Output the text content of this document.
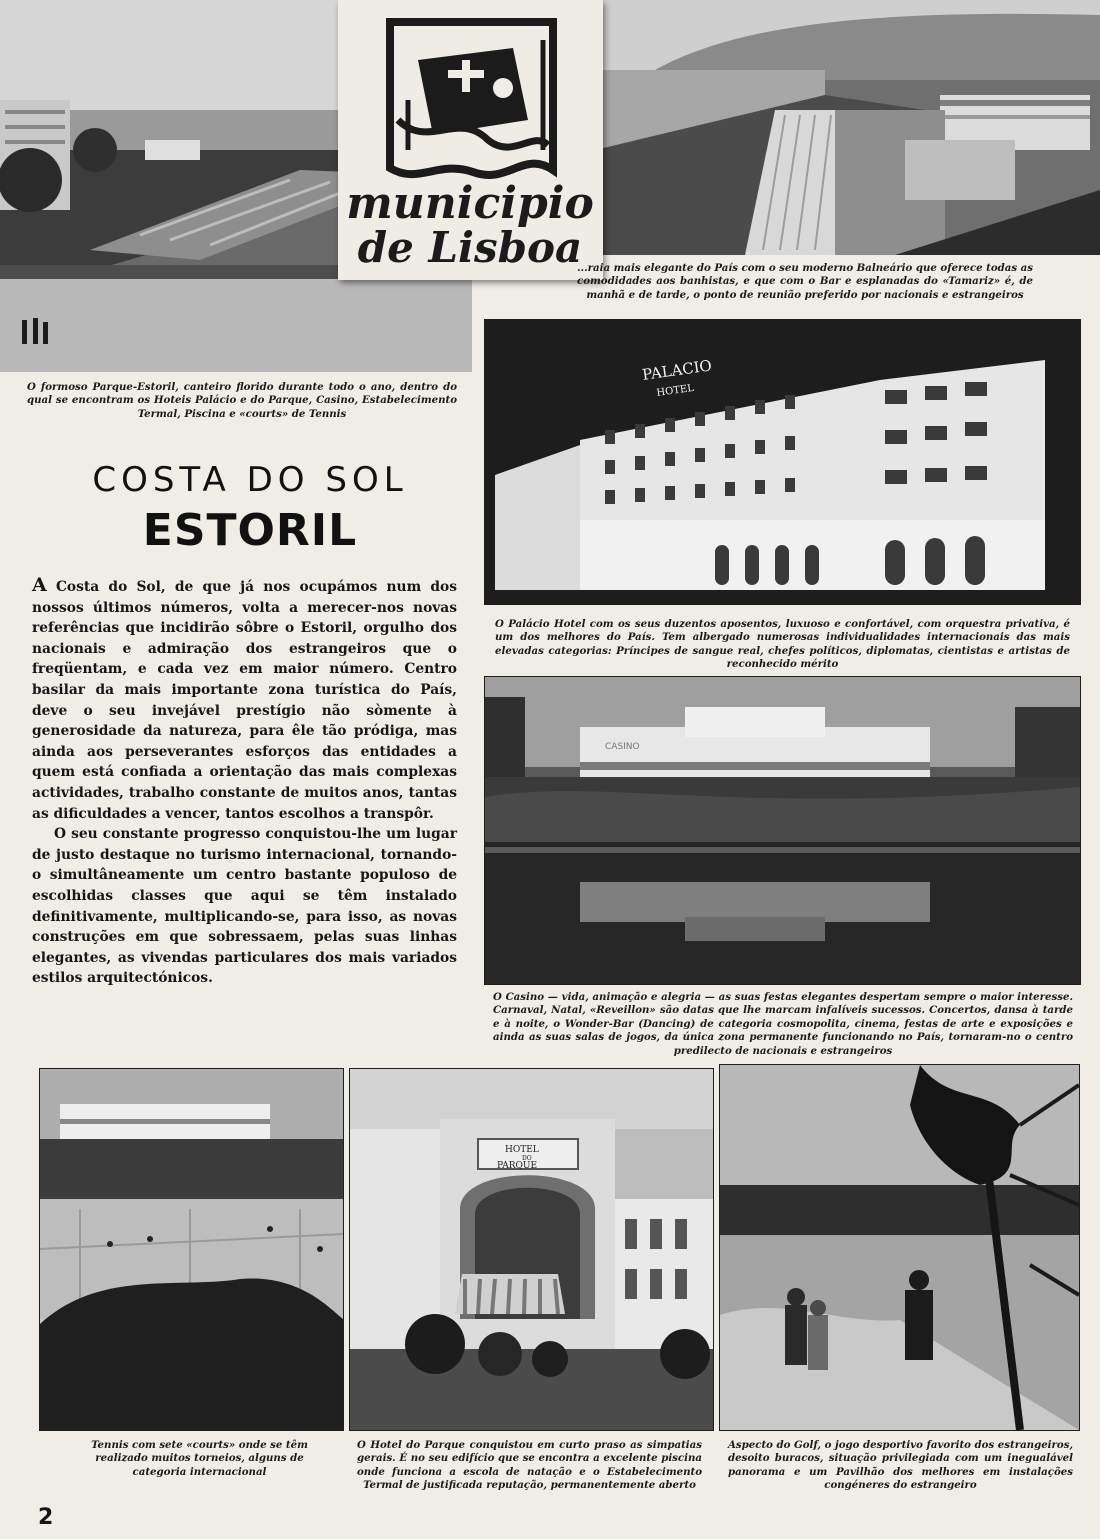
municipio
de Lisboa

...raia mais elegante do País com o seu moderno Balneário que oferece todas as comodidades aos banhistas, e que com o Bar e esplanadas do «Tamariz» é, de manhã e de tarde, o ponto de reunião preferido por nacionais e estrangeiros

O formoso Parque-Estoril, canteiro florido durante todo o ano, dentro do qual se encontram os Hoteis Palácio e do Parque, Casino, Estabelecimento Termal, Piscina e «courts» de Tennis

PALACIO
HOTEL

O Palácio Hotel com os seus duzentos aposentos, luxuoso e confortável, com orquestra privativa, é um dos melhores do País. Tem albergado numerosas individualidades internacionais das mais elevadas categorias: Príncipes de sangue real, chefes políticos, diplomatas, cientistas e artistas de reconhecido mérito

CASINO

O Casino — vida, animação e alegria — as suas festas elegantes despertam sempre o maior interesse. Carnaval, Natal, «Reveillon» são datas que lhe marcam infalíveis sucessos. Concertos, dansa à tarde e à noite, o Wonder-Bar (Dancing) de categoria cosmopolita, cinema, festas de arte e exposições e ainda as suas salas de jogos, da única zona permanente funcionando no País, tornaram-no o centro predilecto de nacionais e estrangeiros

COSTA DO SOL
ESTORIL

A Costa do Sol, de que já nos ocupámos num dos nossos últimos números, volta a merecer-nos novas referências que incidirão sôbre o Estoril, orgulho dos nacionais e admiração dos estrangeiros que o freqüentam, e cada vez em maior número. Centro basilar da mais importante zona turística do País, deve o seu invejável prestígio não sòmente à generosidade da natureza, para êle tão pródiga, mas ainda aos perseverantes esforços das entidades a quem está confiada a orientação das mais complexas actividades, trabalho constante de muitos anos, tantas as dificuldades a vencer, tantos escolhos a transpôr.

O seu constante progresso conquistou-lhe um lugar de justo destaque no turismo internacional, tornando-o simultâneamente um centro bastante populoso de escolhidas classes que aqui se têm instalado definitivamente, multiplicando-se, para isso, as novas construções em que sobressaem, pelas suas linhas elegantes, as vivendas particulares dos mais variados estilos arquitectónicos.

Tennis com sete «courts» onde se têm realizado muitos torneios, alguns de categoria internacional

HOTEL
DO
PARQUE

O Hotel do Parque conquistou em curto praso as simpatias gerais. É no seu edifício que se encontra a excelente piscina onde funciona a escola de natação e o Estabelecimento Termal de justificada reputação, permanentemente aberto

Aspecto do Golf, o jogo desportivo favorito dos estrangeiros, desoito buracos, situação privilegiada com um inegualável panorama e um Pavilhão dos melhores em instalações congéneres do estrangeiro

2
